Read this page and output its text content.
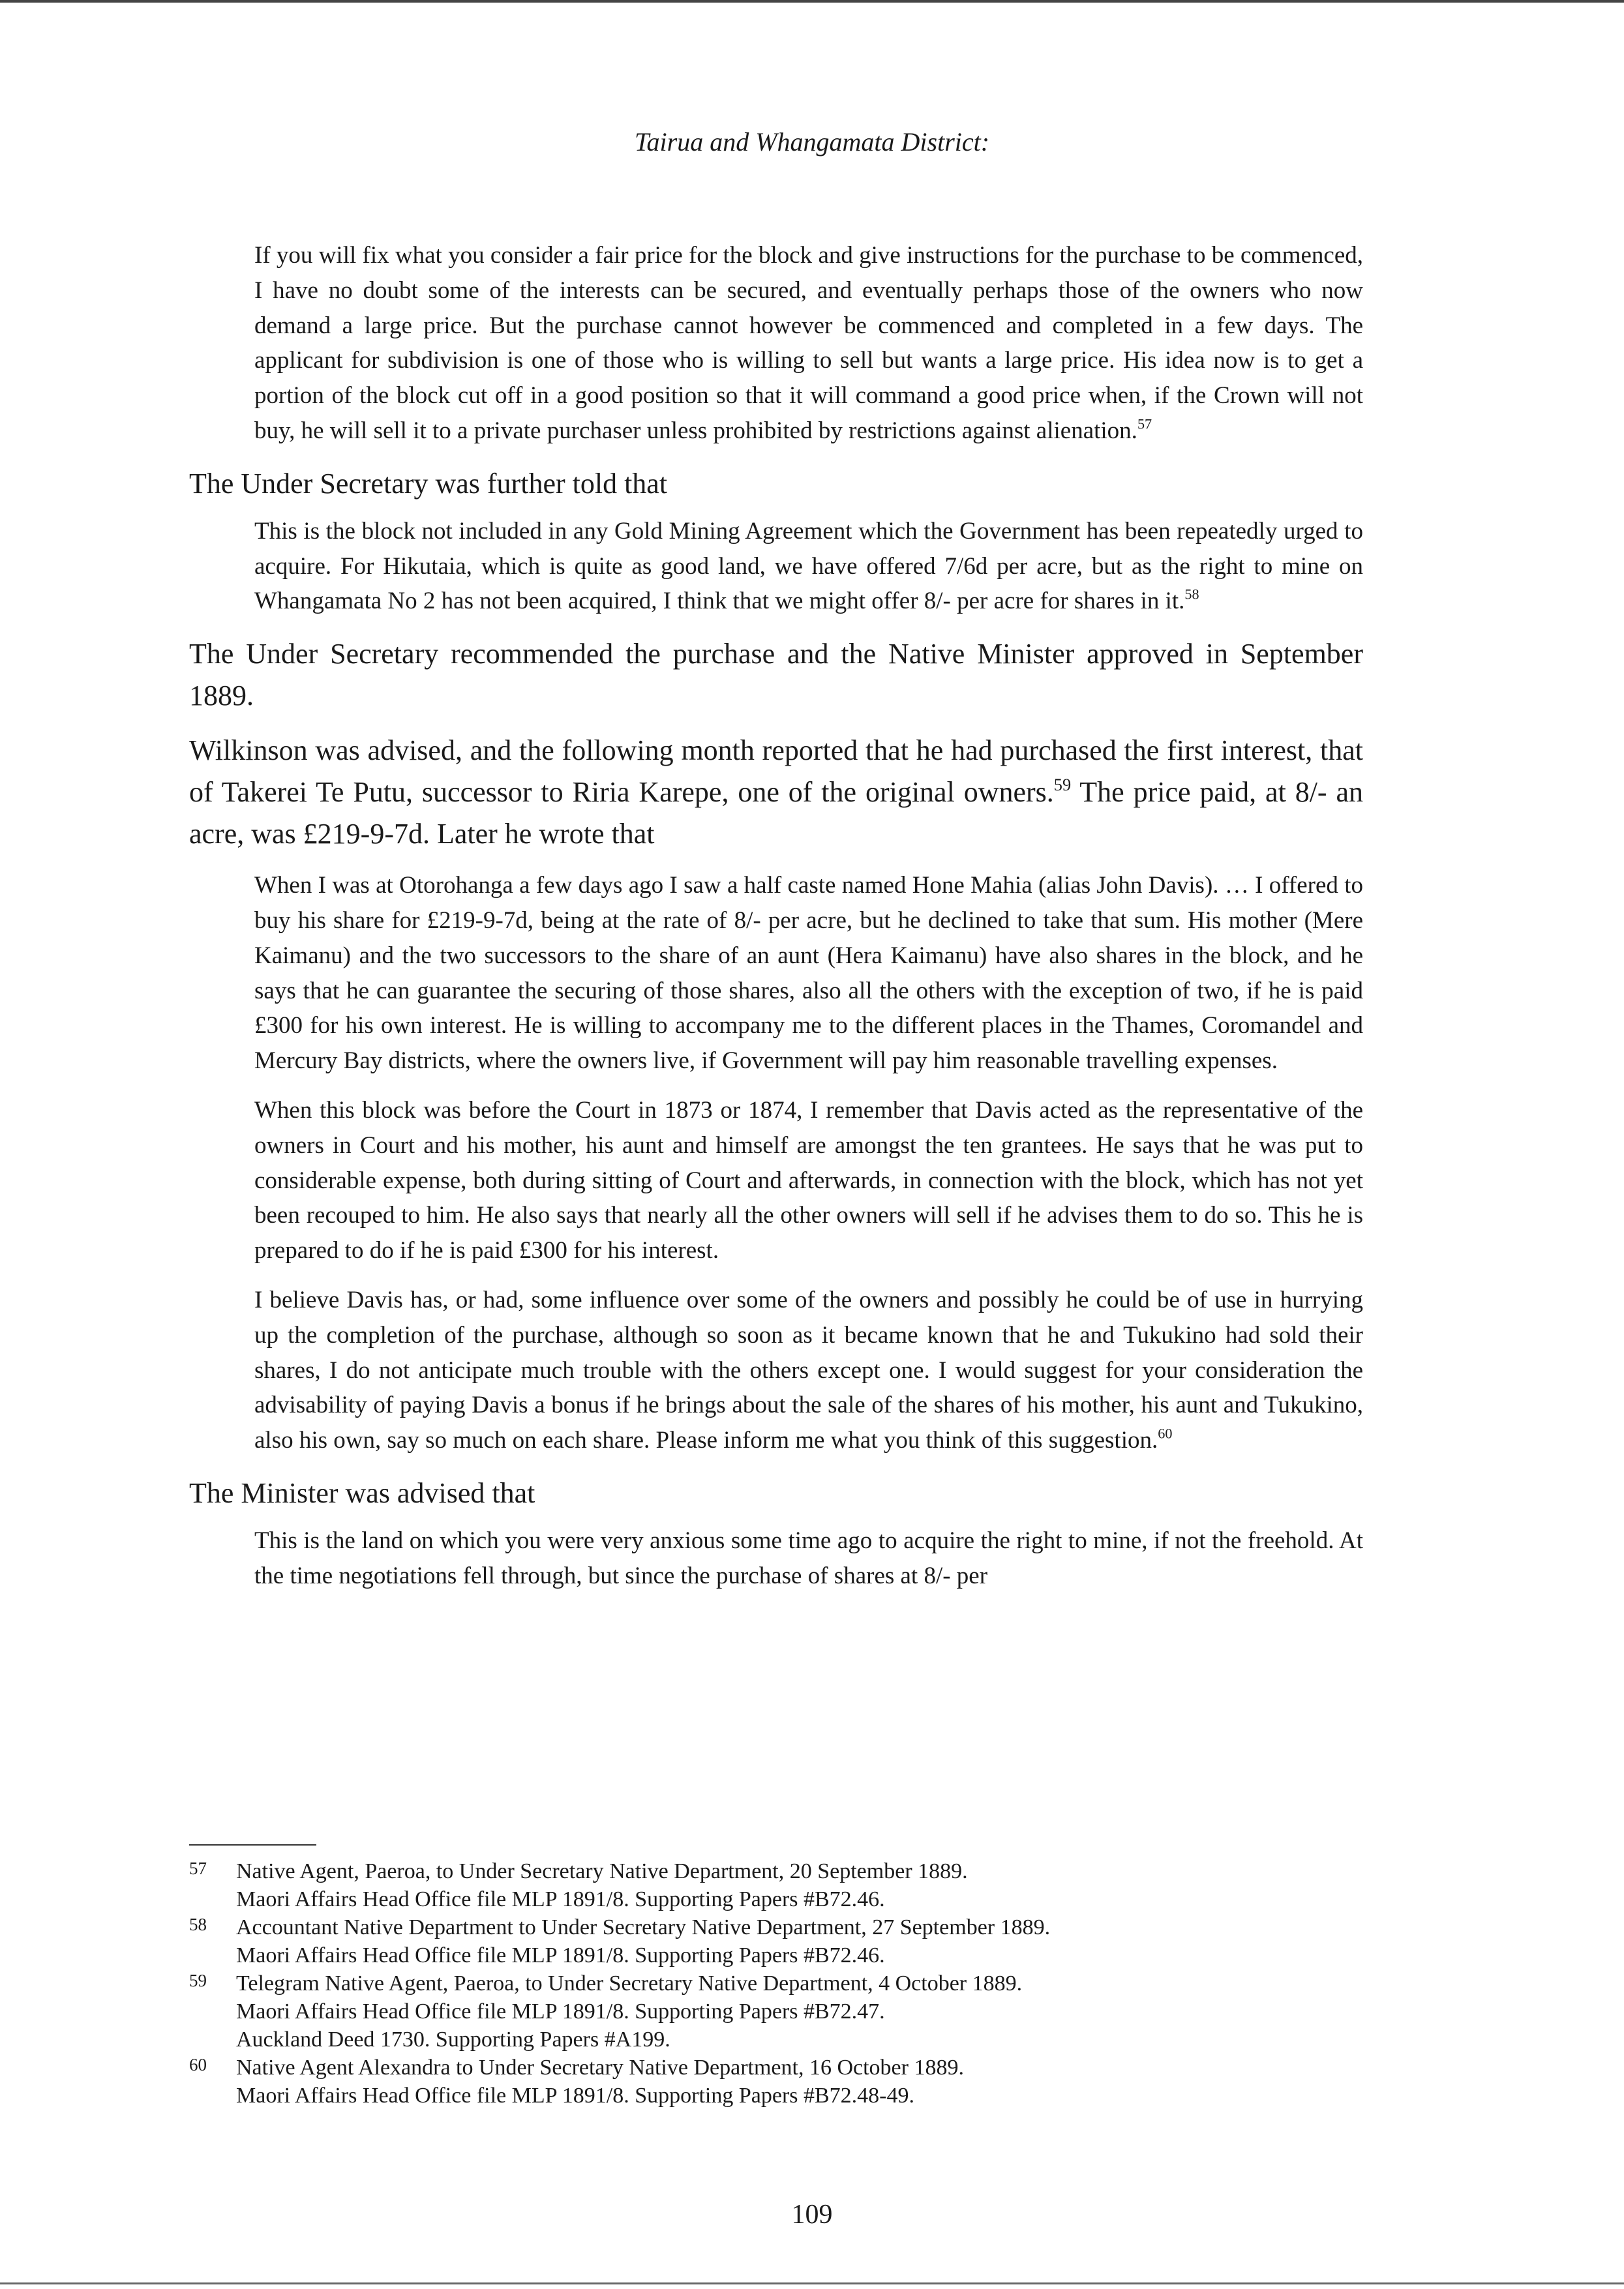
Tairua and Whangamata District:

If you will fix what you consider a fair price for the block and give instructions for the purchase to be commenced, I have no doubt some of the interests can be secured, and eventually perhaps those of the owners who now demand a large price. But the purchase cannot however be commenced and completed in a few days. The applicant for subdivision is one of those who is willing to sell but wants a large price. His idea now is to get a portion of the block cut off in a good position so that it will command a good price when, if the Crown will not buy, he will sell it to a private purchaser unless prohibited by restrictions against alienation.$^{57}$

The Under Secretary was further told that

This is the block not included in any Gold Mining Agreement which the Government has been repeatedly urged to acquire. For Hikutaia, which is quite as good land, we have offered 7/6d per acre, but as the right to mine on Whangamata No 2 has not been acquired, I think that we might offer 8/- per acre for shares in it.$^{58}$

The Under Secretary recommended the purchase and the Native Minister approved in September 1889.

Wilkinson was advised, and the following month reported that he had purchased the first interest, that of Takerei Te Putu, successor to Riria Karepe, one of the original owners.$^{59}$ The price paid, at 8/- an acre, was £219-9-7d. Later he wrote that

When I was at Otorohanga a few days ago I saw a half caste named Hone Mahia (alias John Davis). … I offered to buy his share for £219-9-7d, being at the rate of 8/- per acre, but he declined to take that sum. His mother (Mere Kaimanu) and the two successors to the share of an aunt (Hera Kaimanu) have also shares in the block, and he says that he can guarantee the securing of those shares, also all the others with the exception of two, if he is paid £300 for his own interest. He is willing to accompany me to the different places in the Thames, Coromandel and Mercury Bay districts, where the owners live, if Government will pay him reasonable travelling expenses.

When this block was before the Court in 1873 or 1874, I remember that Davis acted as the representative of the owners in Court and his mother, his aunt and himself are amongst the ten grantees. He says that he was put to considerable expense, both during sitting of Court and afterwards, in connection with the block, which has not yet been recouped to him. He also says that nearly all the other owners will sell if he advises them to do so. This he is prepared to do if he is paid £300 for his interest.

I believe Davis has, or had, some influence over some of the owners and possibly he could be of use in hurrying up the completion of the purchase, although so soon as it became known that he and Tukukino had sold their shares, I do not anticipate much trouble with the others except one. I would suggest for your consideration the advisability of paying Davis a bonus if he brings about the sale of the shares of his mother, his aunt and Tukukino, also his own, say so much on each share. Please inform me what you think of this suggestion.$^{60}$

The Minister was advised that

This is the land on which you were very anxious some time ago to acquire the right to mine, if not the freehold. At the time negotiations fell through, but since the purchase of shares at 8/- per

57 Native Agent, Paeroa, to Under Secretary Native Department, 20 September 1889.
Maori Affairs Head Office file MLP 1891/8. Supporting Papers #B72.46.
58 Accountant Native Department to Under Secretary Native Department, 27 September 1889.
Maori Affairs Head Office file MLP 1891/8. Supporting Papers #B72.46.
59 Telegram Native Agent, Paeroa, to Under Secretary Native Department, 4 October 1889.
Maori Affairs Head Office file MLP 1891/8. Supporting Papers #B72.47.
Auckland Deed 1730. Supporting Papers #A199.
60 Native Agent Alexandra to Under Secretary Native Department, 16 October 1889.
Maori Affairs Head Office file MLP 1891/8. Supporting Papers #B72.48-49.
109
